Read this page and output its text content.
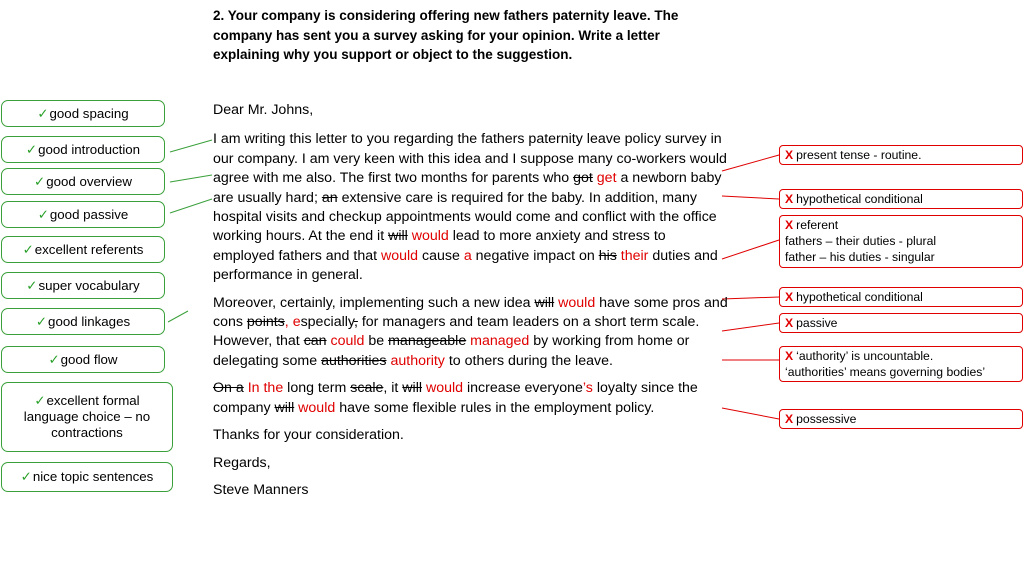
2. Your company is considering offering new fathers paternity leave. The
company has sent you a survey asking for your opinion. Write a letter
explaining why you support or object to the suggestion.

Dear Mr. Johns,

I am writing this letter to you regarding the fathers paternity leave policy survey in our company. I am very keen with this idea and I suppose many co-workers would agree with me also. The first two months for parents who got get a newborn baby are usually hard; an extensive care is required for the baby. In addition, many hospital visits and checkup appointments would come and conflict with the office working hours. At the end it will would lead to more anxiety and stress to employed fathers and that would cause a negative impact on his their duties and performance in general.

Moreover, certainly, implementing such a new idea will would have some pros and cons points, especially, for managers and team leaders on a short term scale. However, that can could be manageable managed by working from home or delegating some authorities authority to others during the leave.

On a In the long term scale, it will would increase everyone’s loyalty since the company will would have some flexible rules in the employment policy.

Thanks for your consideration.

Regards,

Steve Manners

✓ good spacing
✓ good introduction
✓ good overview
✓ good passive
✓ excellent referents
✓ super vocabulary
✓ good linkages
✓ good flow
✓excellent formal language choice – no contractions
✓ nice topic sentences
X present tense - routine.
X hypothetical conditional
X referent
fathers – their duties - plural
father – his duties - singular
X hypothetical conditional
X passive
X ‘authority’ is uncountable.
‘authorities’ means governing bodies’
X possessive
